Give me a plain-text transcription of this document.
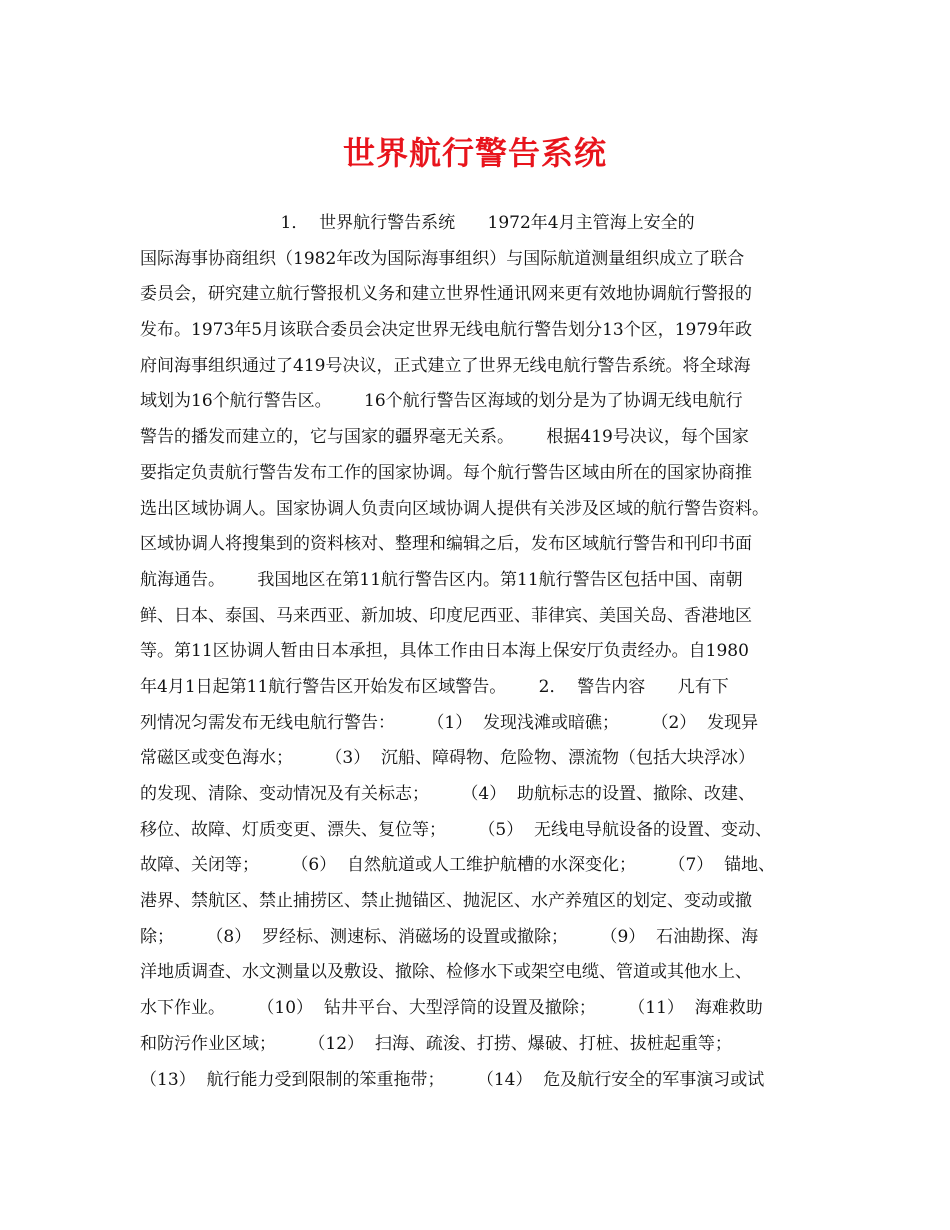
世界航行警告系统
1．  世界航行警告系统      1972年4月主管海上安全的
国际海事协商组织（1982年改为国际海事组织）与国际航道测量组织成立了联合
委员会，研究建立航行警报机义务和建立世界性通讯网来更有效地协调航行警报的
发布。1973年5月该联合委员会决定世界无线电航行警告划分13个区，1979年政
府间海事组织通过了419号决议，正式建立了世界无线电航行警告系统。将全球海
域划为16个航行警告区。      16个航行警告区海域的划分是为了协调无线电航行
警告的播发而建立的，它与国家的疆界毫无关系。      根据419号决议，每个国家
要指定负责航行警告发布工作的国家协调。每个航行警告区域由所在的国家协商推
选出区域协调人。国家协调人负责向区域协调人提供有关涉及区域的航行警告资料。
区域协调人将搜集到的资料核对、整理和编辑之后，发布区域航行警告和刊印书面
航海通告。      我国地区在第11航行警告区内。第11航行警告区包括中国、南朝
鲜、日本、泰国、马来西亚、新加坡、印度尼西亚、菲律宾、美国关岛、香港地区
等。第11区协调人暂由日本承担，具体工作由日本海上保安厅负责经办。自1980
年4月1日起第11航行警告区开始发布区域警告。      2．  警告内容      凡有下
列情况匀需发布无线电航行警告：      （1）  发现浅滩或暗礁；      （2）  发现异
常磁区或变色海水；      （3）  沉船、障碍物、危险物、漂流物（包括大块浮冰）
的发现、清除、变动情况及有关标志；      （4）  助航标志的设置、撤除、改建、
移位、故障、灯质变更、漂失、复位等；      （5）  无线电导航设备的设置、变动、
故障、关闭等；      （6）  自然航道或人工维护航槽的水深变化；      （7）  锚地、
港界、禁航区、禁止捕捞区、禁止抛锚区、抛泥区、水产养殖区的划定、变动或撤
除；      （8）  罗经标、测速标、消磁场的设置或撤除；      （9）  石油勘探、海
洋地质调查、水文测量以及敷设、撤除、检修水下或架空电缆、管道或其他水上、
水下作业。      （10）  钻井平台、大型浮筒的设置及撤除；      （11）  海难救助
和防污作业区域；      （12）  扫海、疏浚、打捞、爆破、打桩、拔桩起重等；
（13）  航行能力受到限制的笨重拖带；      （14）  危及航行安全的军事演习或试
